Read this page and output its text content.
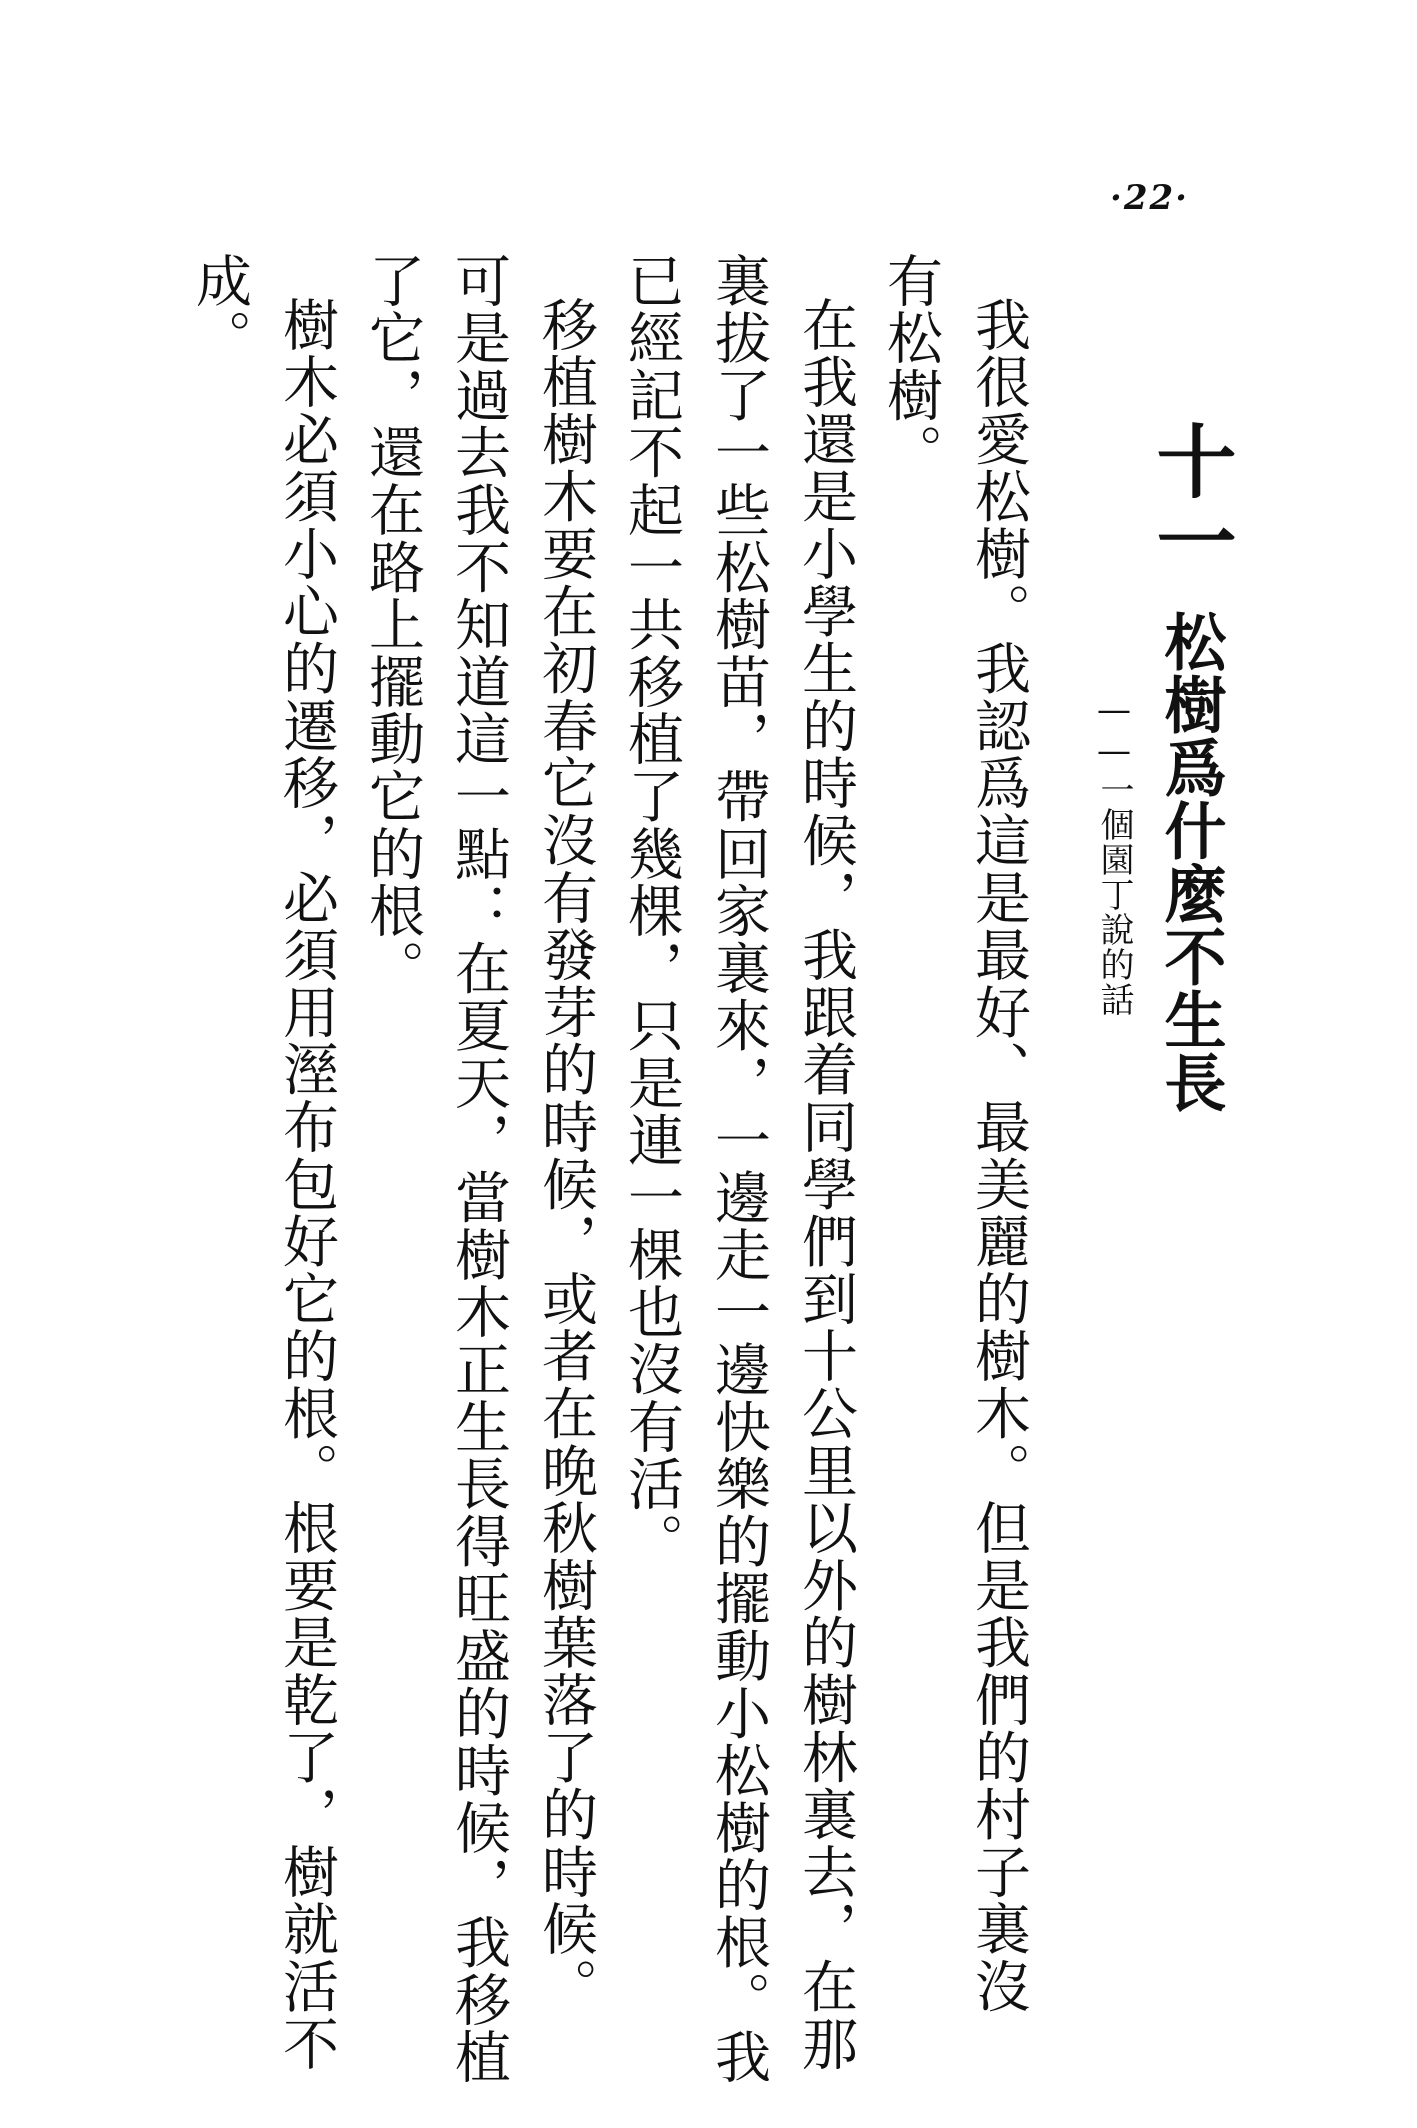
·22·
十一
松樹爲什麼不生長
——一個園丁說的話
我很愛松樹。我認爲這是最好、最美麗的樹木。但是我們的村子裏沒
有松樹。
在我還是小學生的時候，我跟着同學們到十公里以外的樹林裏去，在那
裏拔了一些松樹苗，帶回家裏來，一邊走一邊快樂的擺動小松樹的根。我
已經記不起一共移植了幾棵，只是連一棵也沒有活。
移植樹木要在初春它沒有發芽的時候，或者在晚秋樹葉落了的時候。
可是過去我不知道這一點：在夏天，當樹木正生長得旺盛的時候，我移植
了它，還在路上擺動它的根。
樹木必須小心的遷移，必須用溼布包好它的根。根要是乾了，樹就活不
成。
